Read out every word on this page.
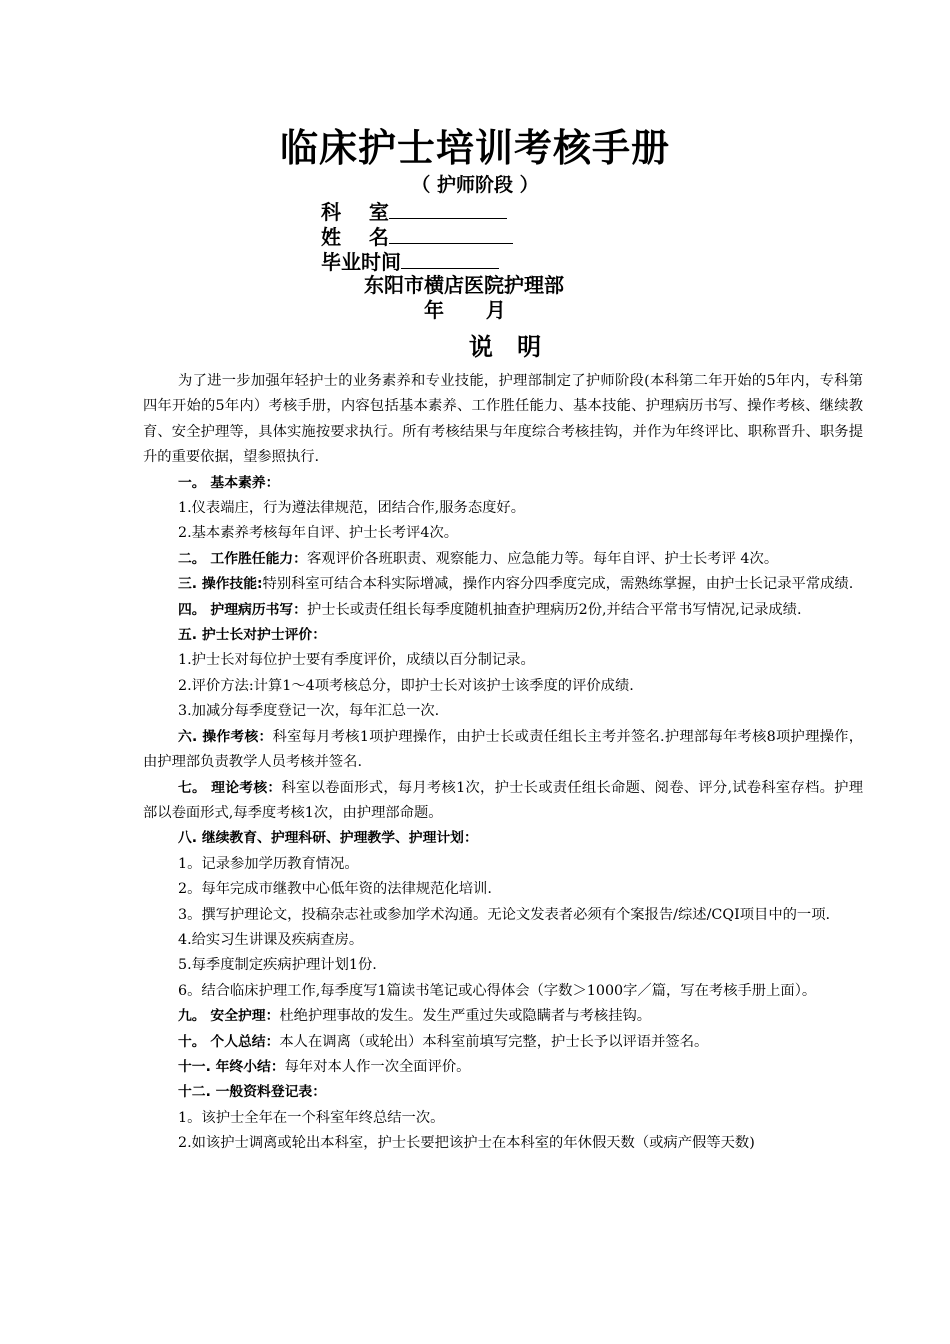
临床护士培训考核手册
（ 护师阶段 ）
科    室
姓    名
毕业时间
东阳市横店医院护理部
年      月
说 明

为了进一步加强年轻护士的业务素养和专业技能，护理部制定了护师阶段(本科第二年开始的5年内，专科第四年开始的5年内）考核手册，内容包括基本素养、工作胜任能力、基本技能、护理病历书写、操作考核、继续教育、安全护理等，具体实施按要求执行。所有考核结果与年度综合考核挂钩，并作为年终评比、职称晋升、职务提升的重要依据，望参照执行.

一。 基本素养：

1.仪表端庄，行为遵法律规范，团结合作,服务态度好。

2.基本素养考核每年自评、护士长考评4次。

二。 工作胜任能力：客观评价各班职责、观察能力、应急能力等。每年自评、护士长考评 4次。

三. 操作技能:特别科室可结合本科实际增减，操作内容分四季度完成，需熟练掌握，由护士长记录平常成绩.

四。 护理病历书写：护士长或责任组长每季度随机抽查护理病历2份,并结合平常书写情况,记录成绩.

五. 护士长对护士评价：

1.护士长对每位护士要有季度评价，成绩以百分制记录。

2.评价方法:计算1～4项考核总分，即护士长对该护士该季度的评价成绩.

3.加减分每季度登记一次，每年汇总一次.

六. 操作考核：科室每月考核1项护理操作，由护士长或责任组长主考并签名.护理部每年考核8项护理操作，由护理部负责教学人员考核并签名.

七。 理论考核：科室以卷面形式，每月考核1次，护士长或责任组长命题、阅卷、评分,试卷科室存档。护理部以卷面形式,每季度考核1次，由护理部命题。

八. 继续教育、护理科研、护理教学、护理计划：

1。记录参加学历教育情况。

2。每年完成市继教中心低年资的法律规范化培训.

3。撰写护理论文，投稿杂志社或参加学术沟通。无论文发表者必须有个案报告/综述/CQI项目中的一项.

4.给实习生讲课及疾病查房。

5.每季度制定疾病护理计划1份.

6。结合临床护理工作,每季度写1篇读书笔记或心得体会（字数＞1000字／篇，写在考核手册上面）。

九。 安全护理：杜绝护理事故的发生。发生严重过失或隐瞒者与考核挂钩。

十。 个人总结：本人在调离（或轮出）本科室前填写完整，护士长予以评语并签名。

十一. 年终小结：每年对本人作一次全面评价。

十二. 一般资料登记表：

1。该护士全年在一个科室年终总结一次。

2.如该护士调离或轮出本科室，护士长要把该护士在本科室的年休假天数（或病产假等天数)
